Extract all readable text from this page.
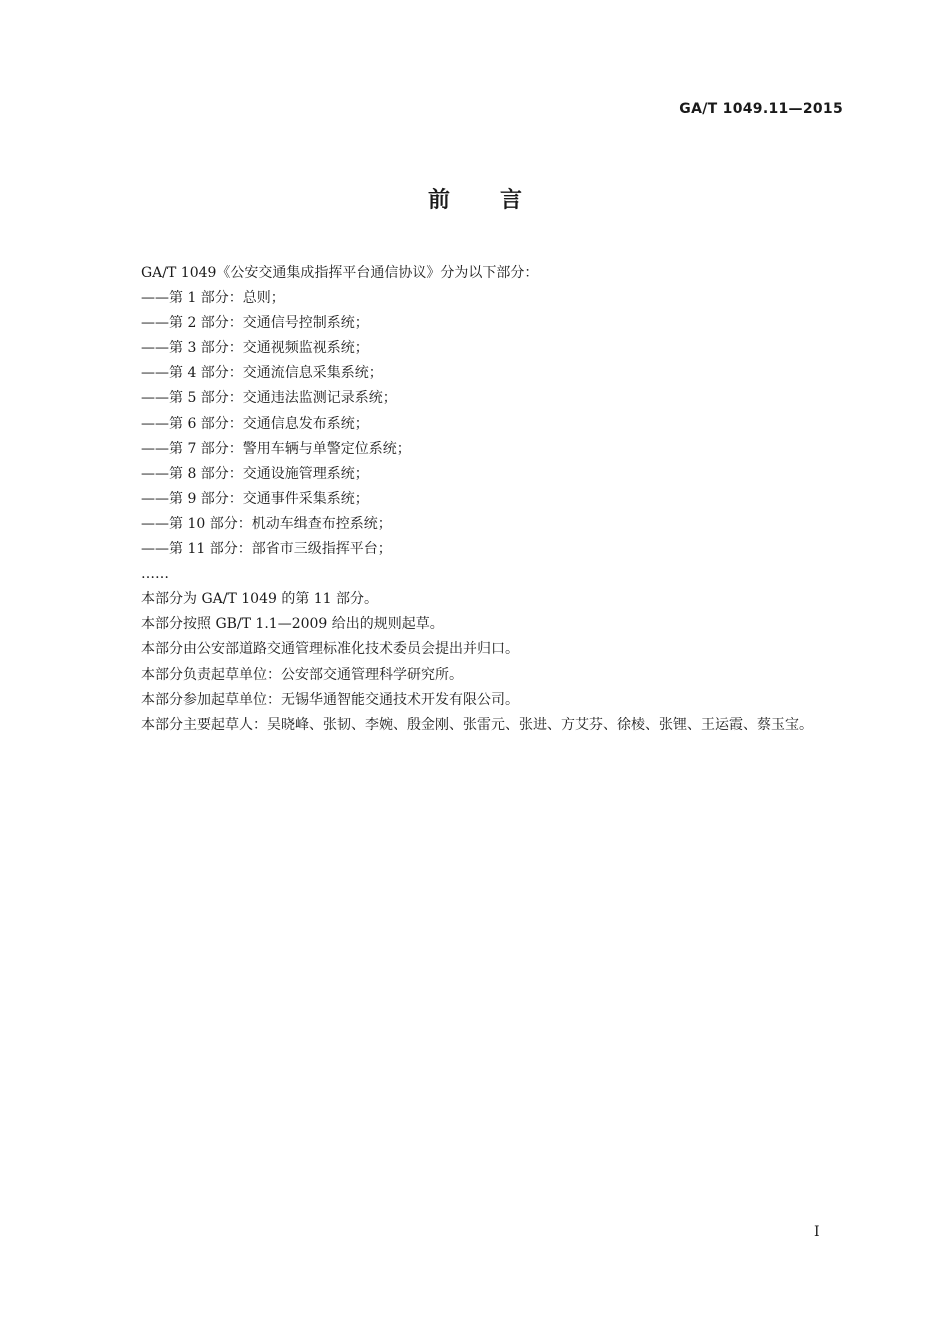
GA/T 1049.11—2015
前言
GA/T 1049《公安交通集成指挥平台通信协议》分为以下部分：
——第 1 部分：总则；
——第 2 部分：交通信号控制系统；
——第 3 部分：交通视频监视系统；
——第 4 部分：交通流信息采集系统；
——第 5 部分：交通违法监测记录系统；
——第 6 部分：交通信息发布系统；
——第 7 部分：警用车辆与单警定位系统；
——第 8 部分：交通设施管理系统；
——第 9 部分：交通事件采集系统；
——第 10 部分：机动车缉查布控系统；
——第 11 部分：部省市三级指挥平台；
……
本部分为 GA/T 1049 的第 11 部分。
本部分按照 GB/T 1.1—2009 给出的规则起草。
本部分由公安部道路交通管理标准化技术委员会提出并归口。
本部分负责起草单位：公安部交通管理科学研究所。
本部分参加起草单位：无锡华通智能交通技术开发有限公司。
本部分主要起草人：吴晓峰、张韧、李婉、殷金刚、张雷元、张进、方艾芬、徐棱、张锂、王运霞、蔡玉宝。
I
